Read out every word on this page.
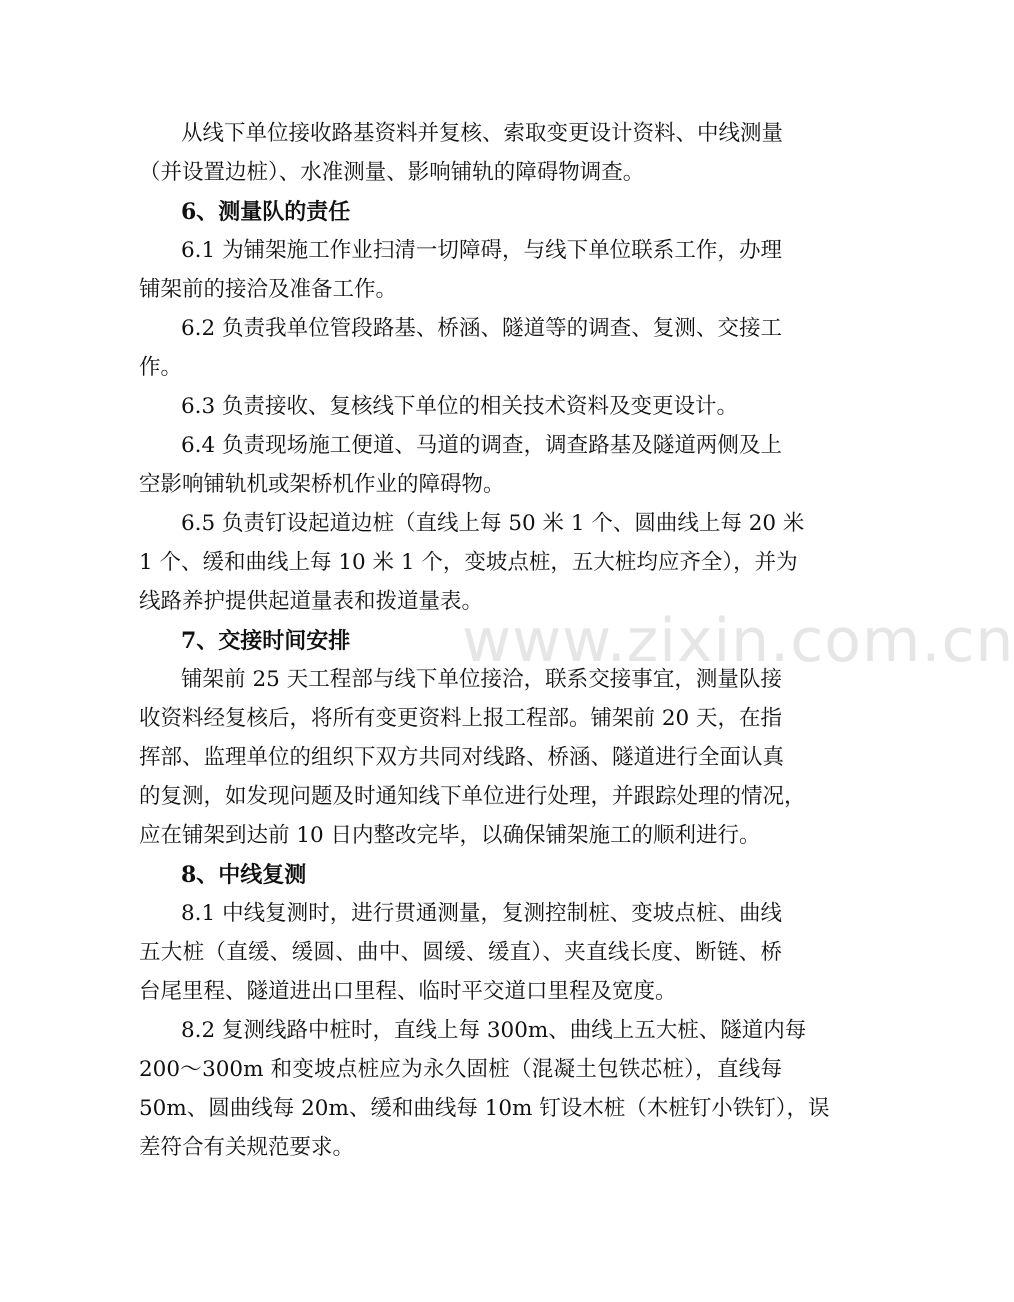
www.zixin.com.cn
从线下单位接收路基资料并复核、索取变更设计资料、中线测量
（并设置边桩）、水准测量、影响铺轨的障碍物调查。
6、测量队的责任
6.1 为铺架施工作业扫清一切障碍，与线下单位联系工作，办理
铺架前的接洽及准备工作。
6.2 负责我单位管段路基、桥涵、隧道等的调查、复测、交接工
作。
6.3 负责接收、复核线下单位的相关技术资料及变更设计。
6.4 负责现场施工便道、马道的调查，调查路基及隧道两侧及上
空影响铺轨机或架桥机作业的障碍物。
6.5 负责钉设起道边桩（直线上每 50 米 1 个、圆曲线上每 20 米
1 个、缓和曲线上每 10 米 1 个，变坡点桩，五大桩均应齐全），并为
线路养护提供起道量表和拨道量表。
7、交接时间安排
铺架前 25 天工程部与线下单位接洽，联系交接事宜，测量队接
收资料经复核后，将所有变更资料上报工程部。铺架前 20 天，在指
挥部、监理单位的组织下双方共同对线路、桥涵、隧道进行全面认真
的复测，如发现问题及时通知线下单位进行处理，并跟踪处理的情况，
应在铺架到达前 10 日内整改完毕，以确保铺架施工的顺利进行。
8、中线复测
8.1 中线复测时，进行贯通测量，复测控制桩、变坡点桩、曲线
五大桩（直缓、缓圆、曲中、圆缓、缓直）、夹直线长度、断链、桥
台尾里程、隧道进出口里程、临时平交道口里程及宽度。
8.2 复测线路中桩时，直线上每 300m、曲线上五大桩、隧道内每
200～300m 和变坡点桩应为永久固桩（混凝土包铁芯桩），直线每
50m、圆曲线每 20m、缓和曲线每 10m 钉设木桩（木桩钉小铁钉），误
差符合有关规范要求。
